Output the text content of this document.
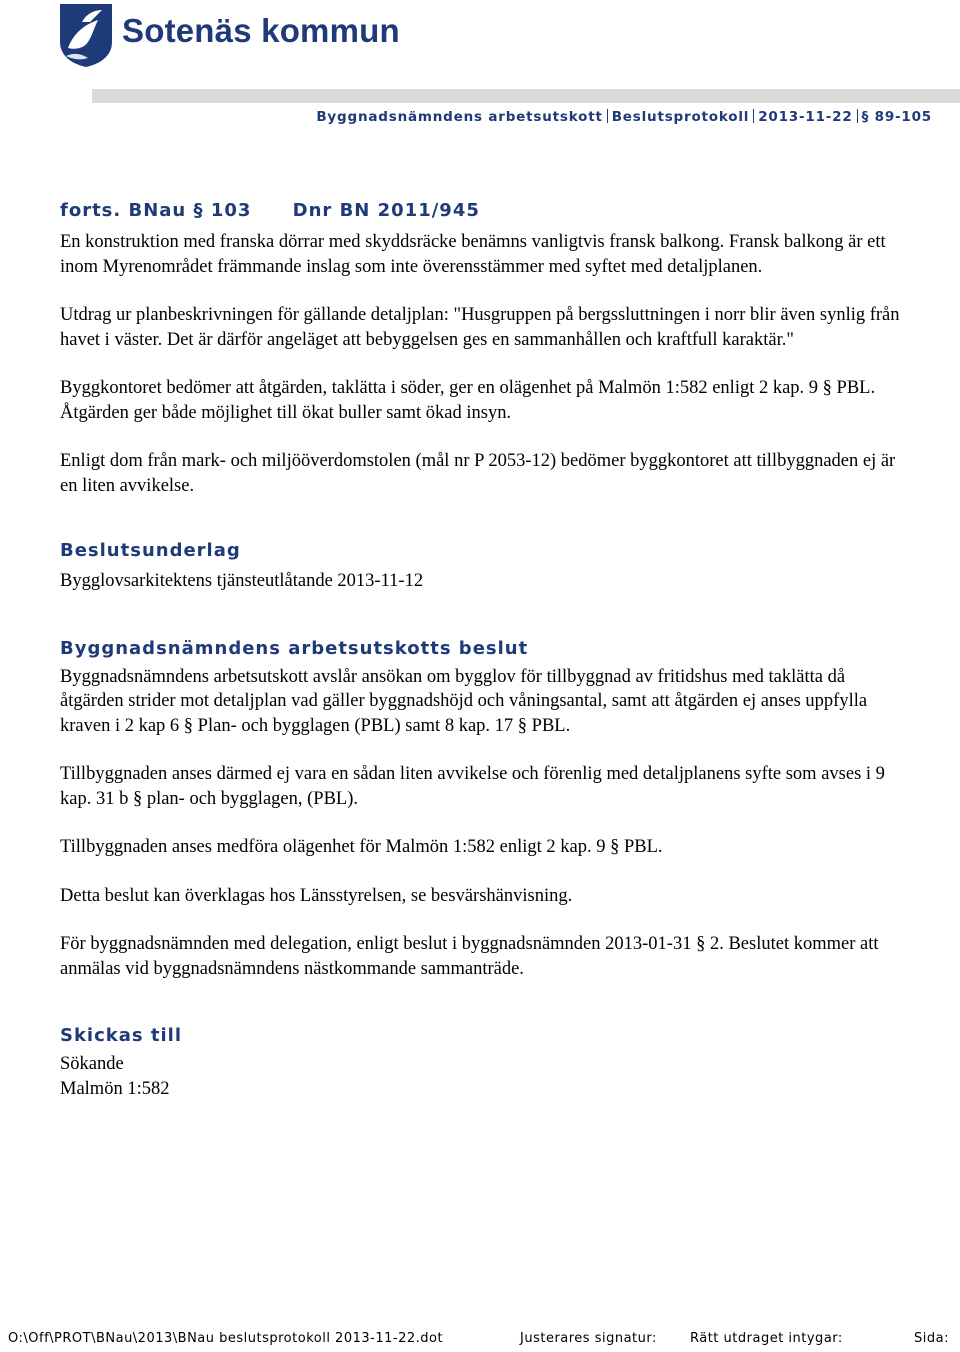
Sotenäs kommun
Byggnadsnämndens arbetsutskott Beslutsprotokoll 2013-11-22 § 89-105
forts. BNau § 103 Dnr BN 2011/945

En konstruktion med franska dörrar med skyddsräcke benämns vanligtvis fransk balkong. Fransk balkong är ett inom Myrenområdet främmande inslag som inte överensstämmer med syftet med detaljplanen.

Utdrag ur planbeskrivningen för gällande detaljplan: "Husgruppen på bergssluttningen i norr blir även synlig från havet i väster. Det är därför angeläget att bebyggelsen ges en sammanhållen och kraftfull karaktär."

Byggkontoret bedömer att åtgärden, taklätta i söder, ger en olägenhet på Malmön 1:582 enligt 2 kap. 9 § PBL. Åtgärden ger både möjlighet till ökat buller samt ökad insyn.

Enligt dom från mark- och miljööverdomstolen (mål nr P 2053-12) bedömer byggkontoret att tillbyggnaden ej är en liten avvikelse.

Beslutsunderlag

Bygglovsarkitektens tjänsteutlåtande 2013-11-12

Byggnadsnämndens arbetsutskotts beslut

Byggnadsnämndens arbetsutskott avslår ansökan om bygglov för tillbyggnad av fritidshus med taklätta då åtgärden strider mot detaljplan vad gäller byggnadshöjd och våningsantal, samt att åtgärden ej anses uppfylla kraven i 2 kap 6 § Plan- och bygglagen (PBL) samt 8 kap. 17 § PBL.

Tillbyggnaden anses därmed ej vara en sådan liten avvikelse och förenlig med detaljplanens syfte som avses i 9 kap. 31 b § plan- och bygglagen, (PBL).

Tillbyggnaden anses medföra olägenhet för Malmön 1:582 enligt 2 kap. 9 § PBL.

Detta beslut kan överklagas hos Länsstyrelsen, se besvärshänvisning.

För byggnadsnämnden med delegation, enligt beslut i byggnadsnämnden 2013-01-31 § 2. Beslutet kommer att anmälas vid byggnadsnämndens nästkommande sammanträde.

Skickas till

Sökande

Malmön 1:582

O:\Off\PROT\BNau\2013\BNau beslutsprotokoll 2013-11-22.dot	Justerares signatur:	Rätt utdraget intygar:	Sida:
